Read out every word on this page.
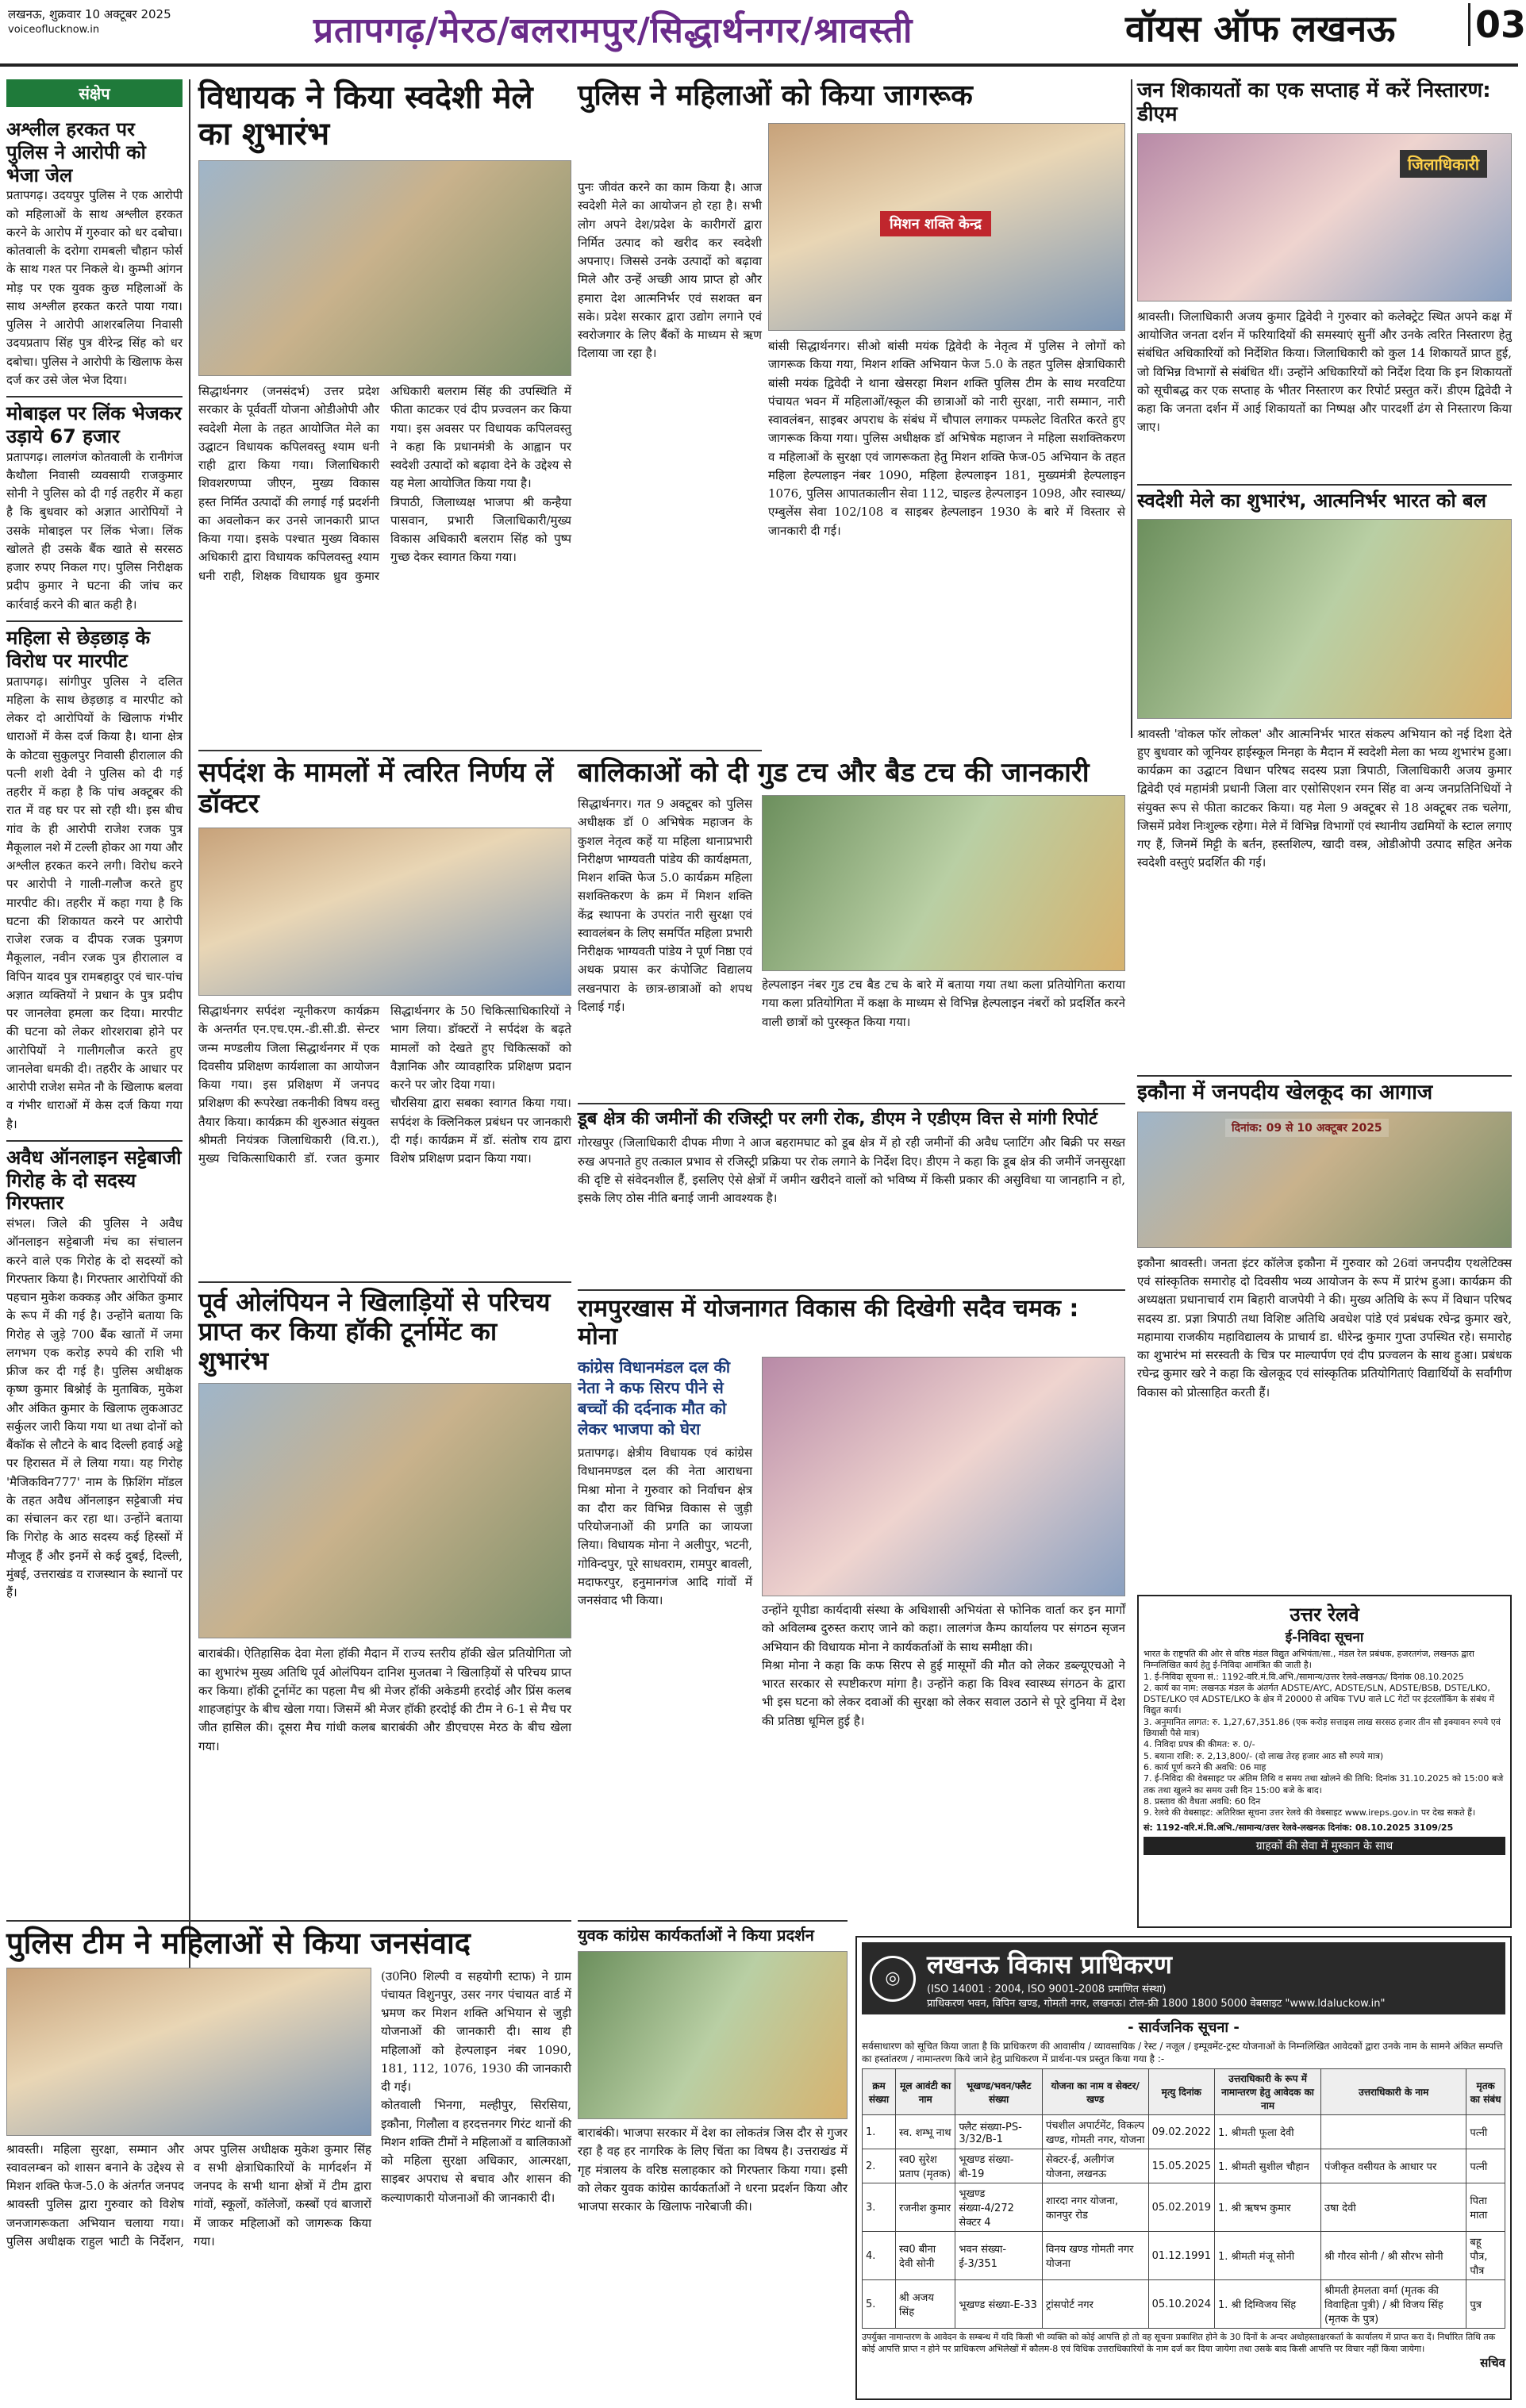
लखनऊ, शुक्रवार 10 अक्टूबर 2025
voiceoflucknow.in	प्रतापगढ़/मेरठ/बलरामपुर/सिद्धार्थनगर/श्रावस्ती	वॉयस ऑफ लखनऊ 03
संक्षेप
अश्लील हरकत पर पुलिस ने आरोपी को भेजा जेल
प्रतापगढ़। उदयपुर पुलिस ने एक आरोपी को महिलाओं के साथ अश्लील हरकत करने के आरोप में गुरुवार को धर दबोचा। कोतवाली के दरोगा रामबली चौहान फोर्स के साथ गश्त पर निकले थे। कुम्भी आंगन मोड़ पर एक युवक कुछ महिलाओं के साथ अश्लील हरकत करते पाया गया। पुलिस ने आरोपी आशरबलिया निवासी उदयप्रताप सिंह पुत्र वीरेन्द्र सिंह को धर दबोचा। पुलिस ने आरोपी के खिलाफ केस दर्ज कर उसे जेल भेज दिया।
मोबाइल पर लिंक भेजकर उड़ाये 67 हजार
प्रतापगढ़। लालगंज कोतवाली के रानीगंज कैथौला निवासी व्यवसायी राजकुमार सोनी ने पुलिस को दी गई तहरीर में कहा है कि बुधवार को अज्ञात आरोपियों ने उसके मोबाइल पर लिंक भेजा। लिंक खोलते ही उसके बैंक खाते से सरसठ हजार रुपए निकल गए। पुलिस निरीक्षक प्रदीप कुमार ने घटना की जांच कर कार्रवाई करने की बात कही है।
महिला से छेड़छाड़ के विरोध पर मारपीट
प्रतापगढ़। सांगीपुर पुलिस ने दलित महिला के साथ छेड़छाड़ व मारपीट को लेकर दो आरोपियों के खिलाफ गंभीर धाराओं में केस दर्ज किया है। थाना क्षेत्र के कोटवा सुकुलपुर निवासी हीरालाल की पत्नी शशी देवी ने पुलिस को दी गई तहरीर में कहा है कि पांच अक्टूबर की रात में वह घर पर सो रही थी। इस बीच गांव के ही आरोपी राजेश रजक पुत्र मैकूलाल नशे में टल्ली होकर आ गया और अश्लील हरकत करने लगी। विरोध करने पर आरोपी ने गाली-गलौज करते हुए मारपीट की। तहरीर में कहा गया है कि घटना की शिकायत करने पर आरोपी राजेश रजक व दीपक रजक पुत्रगण मैकूलाल, नवीन रजक पुत्र हीरालाल व विपिन यादव पुत्र रामबहादुर एवं चार-पांच अज्ञात व्यक्तियों ने प्रधान के पुत्र प्रदीप पर जानलेवा हमला कर दिया। मारपीट की घटना को लेकर शोरशराबा होने पर आरोपियों ने गालीगलौज करते हुए जानलेवा धमकी दी। तहरीर के आधार पर आरोपी राजेश समेत नौ के खिलाफ बलवा व गंभीर धाराओं में केस दर्ज किया गया है।
अवैध ऑनलाइन सट्टेबाजी गिरोह के दो सदस्य गिरफ्तार
संभल। जिले की पुलिस ने अवैध ऑनलाइन सट्टेबाजी मंच का संचालन करने वाले एक गिरोह के दो सदस्यों को गिरफ्तार किया है। गिरफ्तार आरोपियों की पहचान मुकेश कक्कड़ और अंकित कुमार के रूप में की गई है। उन्होंने बताया कि गिरोह से जुड़े 700 बैंक खातों में जमा लगभग एक करोड़ रुपये की राशि भी फ्रीज कर दी गई है। पुलिस अधीक्षक कृष्ण कुमार बिश्नोई के मुताबिक, मुकेश और अंकित कुमार के खिलाफ लुकआउट सर्कुलर जारी किया गया था तथा दोनों को बैंकॉक से लौटने के बाद दिल्ली हवाई अड्डे पर हिरासत में ले लिया गया। यह गिरोह 'मैजिकविन777' नाम के फ़िशिंग मॉडल के तहत अवैध ऑनलाइन सट्टेबाजी मंच का संचालन कर रहा था। उन्होंने बताया कि गिरोह के आठ सदस्य कई हिस्सों में मौजूद हैं और इनमें से कई दुबई, दिल्ली, मुंबई, उत्तराखंड व राजस्थान के स्थानों पर हैं।
विधायक ने किया स्वदेशी मेले का शुभारंभ
सिद्धार्थनगर (जनसंदर्भ) उत्तर प्रदेश सरकार के पूर्ववर्ती योजना ओडीओपी और स्वदेशी मेला के तहत आयोजित मेले का उद्घाटन विधायक कपिलवस्तु श्याम धनी राही द्वारा किया गया। जिलाधिकारी शिवशरणप्पा जीएन, मुख्य विकास अधिकारी बलराम सिंह की उपस्थिति में फीता काटकर एवं दीप प्रज्वलन कर किया गया। इस अवसर पर विधायक कपिलवस्तु ने कहा कि प्रधानमंत्री के आह्वान पर स्वदेशी उत्पादों को बढ़ावा देने के उद्देश्य से यह मेला आयोजित किया गया है।
हस्त निर्मित उत्पादों की लगाई गई प्रदर्शनी का अवलोकन कर उनसे जानकारी प्राप्त किया गया। इसके पश्चात मुख्य विकास अधिकारी द्वारा विधायक कपिलवस्तु श्याम धनी राही, शिक्षक विधायक ध्रुव कुमार त्रिपाठी, जिलाध्यक्ष भाजपा श्री कन्हैया पासवान, प्रभारी जिलाधिकारी/मुख्य विकास अधिकारी बलराम सिंह को पुष्प गुच्छ देकर स्वागत किया गया।
पुनः जीवंत करने का काम किया है। आज स्वदेशी मेले का आयोजन हो रहा है। सभी लोग अपने देश/प्रदेश के कारीगरों द्वारा निर्मित उत्पाद को खरीद कर स्वदेशी अपनाए। जिससे उनके उत्पादों को बढ़ावा मिले और उन्हें अच्छी आय प्राप्त हो और हमारा देश आत्मनिर्भर एवं सशक्त बन सके। प्रदेश सरकार द्वारा उद्योग लगाने एवं स्वरोजगार के लिए बैंकों के माध्यम से ऋण दिलाया जा रहा है।
पुलिस ने महिलाओं को किया जागरूक
मिशन शक्ति केन्द्र
बांसी सिद्धार्थनगर। सीओ बांसी मयंक द्विवेदी के नेतृत्व में पुलिस ने लोगों को जागरूक किया गया, मिशन शक्ति अभियान फेज 5.0 के तहत पुलिस क्षेत्राधिकारी बांसी मयंक द्विवेदी ने थाना खेसरहा मिशन शक्ति पुलिस टीम के साथ मरवटिया पंचायत भवन में महिलाओं/स्कूल की छात्राओं को नारी सुरक्षा, नारी सम्मान, नारी स्वावलंबन, साइबर अपराध के संबंध में चौपाल लगाकर पम्फलेट वितरित करते हुए जागरूक किया गया। पुलिस अधीक्षक डॉ अभिषेक महाजन ने महिला सशक्तिकरण व महिलाओं के सुरक्षा एवं जागरूकता हेतु मिशन शक्ति फेज-05 अभियान के तहत महिला हेल्पलाइन नंबर 1090, महिला हेल्पलाइन 181, मुख्यमंत्री हेल्पलाइन 1076, पुलिस आपातकालीन सेवा 112, चाइल्ड हेल्पलाइन 1098, और स्वास्थ्य/एम्बुलेंस सेवा 102/108 व साइबर हेल्पलाइन 1930 के बारे में विस्तार से जानकारी दी गई।
जन शिकायतों का एक सप्ताह में करें निस्तारण: डीएम
जिलाधिकारी
श्रावस्ती। जिलाधिकारी अजय कुमार द्विवेदी ने गुरुवार को कलेक्ट्रेट स्थित अपने कक्ष में आयोजित जनता दर्शन में फरियादियों की समस्याएं सुनीं और उनके त्वरित निस्तारण हेतु संबंधित अधिकारियों को निर्देशित किया। जिलाधिकारी को कुल 14 शिकायतें प्राप्त हुई, जो विभिन्न विभागों से संबंधित थीं। उन्होंने अधिकारियों को निर्देश दिया कि इन शिकायतों को सूचीबद्ध कर एक सप्ताह के भीतर निस्तारण कर रिपोर्ट प्रस्तुत करें। डीएम द्विवेदी ने कहा कि जनता दर्शन में आई शिकायतों का निष्पक्ष और पारदर्शी ढंग से निस्तारण किया जाए।
स्वदेशी मेले का शुभारंभ, आत्मनिर्भर भारत को बल
श्रावस्ती 'वोकल फॉर लोकल' और आत्मनिर्भर भारत संकल्प अभियान को नई दिशा देते हुए बुधवार को जूनियर हाईस्कूल मिनहा के मैदान में स्वदेशी मेला का भव्य शुभारंभ हुआ। कार्यक्रम का उद्घाटन विधान परिषद सदस्य प्रज्ञा त्रिपाठी, जिलाधिकारी अजय कुमार द्विवेदी एवं महामंत्री प्रधानी जिला वार एसोसिएशन रमन सिंह वा अन्य जनप्रतिनिधियों ने संयुक्त रूप से फीता काटकर किया। यह मेला 9 अक्टूबर से 18 अक्टूबर तक चलेगा, जिसमें प्रवेश निःशुल्क रहेगा। मेले में विभिन्न विभागों एवं स्थानीय उद्यमियों के स्टाल लगाए गए हैं, जिनमें मिट्टी के बर्तन, हस्तशिल्प, खादी वस्त्र, ओडीओपी उत्पाद सहित अनेक स्वदेशी वस्तुएं प्रदर्शित की गई।
इकौना में जनपदीय खेलकूद का आगाज
दिनांक: 09 से 10 अक्टूबर 2025
इकौना श्रावस्ती। जनता इंटर कॉलेज इकौना में गुरुवार को 26वां जनपदीय एथलेटिक्स एवं सांस्कृतिक समारोह दो दिवसीय भव्य आयोजन के रूप में प्रारंभ हुआ। कार्यक्रम की अध्यक्षता प्रधानाचार्य राम बिहारी वाजपेयी ने की। मुख्य अतिथि के रूप में विधान परिषद सदस्य डा. प्रज्ञा त्रिपाठी तथा विशिष्ट अतिथि अवधेश पांडे एवं प्रबंधक रघेन्द्र कुमार खरे, महामाया राजकीय महाविद्यालय के प्राचार्य डा. धीरेन्द्र कुमार गुप्ता उपस्थित रहे। समारोह का शुभारंभ मां सरस्वती के चित्र पर माल्यार्पण एवं दीप प्रज्वलन के साथ हुआ। प्रबंधक रघेन्द्र कुमार खरे ने कहा कि खेलकूद एवं सांस्कृतिक प्रतियोगिताएं विद्यार्थियों के सर्वांगीण विकास को प्रोत्साहित करती हैं।
सर्पदंश के मामलों में त्वरित निर्णय लें डॉक्टर
सिद्धार्थनगर सर्पदंश न्यूनीकरण कार्यक्रम के अन्तर्गत एन.एच.एम.-डी.सी.डी. सेन्टर जन्म मण्डलीय जिला सिद्धार्थनगर में एक दिवसीय प्रशिक्षण कार्यशाला का आयोजन किया गया। इस प्रशिक्षण में जनपद सिद्धार्थनगर के 50 चिकित्साधिकारियों ने भाग लिया। डॉक्टरों ने सर्पदंश के बढ़ते मामलों को देखते हुए चिकित्सकों को वैज्ञानिक और व्यावहारिक प्रशिक्षण प्रदान करने पर जोर दिया गया।
प्रशिक्षण की रूपरेखा तकनीकी विषय वस्तु तैयार किया। कार्यक्रम की शुरुआत संयुक्त श्रीमती नियंत्रक जिलाधिकारी (वि.रा.), मुख्य चिकित्साधिकारी डॉ. रजत कुमार चौरसिया द्वारा सबका स्वागत किया गया। सर्पदंश के क्लिनिकल प्रबंधन पर जानकारी दी गई। कार्यक्रम में डॉ. संतोष राय द्वारा विशेष प्रशिक्षण प्रदान किया गया।
बालिकाओं को दी गुड टच और बैड टच की जानकारी
सिद्धार्थनगर। गत 9 अक्टूबर को पुलिस अधीक्षक डॉ 0 अभिषेक महाजन के कुशल नेतृत्व कहें या महिला थानाप्रभारी निरीक्षण भाग्यवती पांडेय की कार्यक्षमता, मिशन शक्ति फेज 5.0 कार्यक्रम महिला सशक्तिकरण के क्रम में मिशन शक्ति केंद्र स्थापना के उपरांत नारी सुरक्षा एवं स्वावलंबन के लिए समर्पित महिला प्रभारी निरीक्षक भाग्यवती पांडेय ने पूर्ण निष्ठा एवं अथक प्रयास कर कंपोजिट विद्यालय लखनपारा के छात्र-छात्राओं को शपथ दिलाई गई।
हेल्पलाइन नंबर गुड टच बैड टच के बारे में बताया गया तथा कला प्रतियोगिता कराया गया कला प्रतियोगिता में कक्षा के माध्यम से विभिन्न हेल्पलाइन नंबरों को प्रदर्शित करने वाली छात्रों को पुरस्कृत किया गया।
डूब क्षेत्र की जमीनों की रजिस्ट्री पर लगी रोक, डीएम ने एडीएम वित्त से मांगी रिपोर्ट
गोरखपुर (जिलाधिकारी दीपक मीणा ने आज बहरामघाट को डूब क्षेत्र में हो रही जमीनों की अवैध प्लाटिंग और बिक्री पर सख्त रुख अपनाते हुए तत्काल प्रभाव से रजिस्ट्री प्रक्रिया पर रोक लगाने के निर्देश दिए। डीएम ने कहा कि डूब क्षेत्र की जमीनें जनसुरक्षा की दृष्टि से संवेदनशील हैं, इसलिए ऐसे क्षेत्रों में जमीन खरीदने वालों को भविष्य में किसी प्रकार की असुविधा या जानहानि न हो, इसके लिए ठोस नीति बनाई जानी आवश्यक है।
पूर्व ओलंपियन ने खिलाड़ियों से परिचय प्राप्त कर किया हॉकी टूर्नामेंट का शुभारंभ
बाराबंकी। ऐतिहासिक देवा मेला हॉकी मैदान में राज्य स्तरीय हॉकी खेल प्रतियोगिता जो का शुभारंभ मुख्य अतिथि पूर्व ओलंपियन दानिश मुजतबा ने खिलाड़ियों से परिचय प्राप्त कर किया। हॉकी टूर्नामेंट का पहला मैच श्री मेजर हॉकी अकेडमी हरदोई और प्रिंस कलब शाहजहांपुर के बीच खेला गया। जिसमें श्री मेजर हॉकी हरदोई की टीम ने 6-1 से मैच पर जीत हासिल की। दूसरा मैच गांधी कलब बाराबंकी और डीएचएस मेरठ के बीच खेला गया।
रामपुरखास में योजनागत विकास की दिखेगी सदैव चमक : मोना
कांग्रेस विधानमंडल दल की नेता ने कफ सिरप पीने से बच्चों की दर्दनाक मौत को लेकर भाजपा को घेरा
प्रतापगढ़। क्षेत्रीय विधायक एवं कांग्रेस विधानमण्डल दल की नेता आराधना मिश्रा मोना ने गुरुवार को निर्वाचन क्षेत्र का दौरा कर विभिन्न विकास से जुड़ी परियोजनाओं की प्रगति का जायजा लिया। विधायक मोना ने अलीपुर, भटनी, गोविन्दपुर, पूरे साधवराम, रामपुर बावली, मदाफरपुर, हनुमानगंज आदि गांवों में जनसंवाद भी किया।
उन्होंने यूपीडा कार्यदायी संस्था के अधिशासी अभियंता से फोनिक वार्ता कर इन मार्गों को अविलम्ब दुरुस्त कराए जाने को कहा। लालगंज कैम्प कार्यालय पर संगठन सृजन अभियान की विधायक मोना ने कार्यकर्ताओं के साथ समीक्षा की।
मिश्रा मोना ने कहा कि कफ सिरप से हुई मासूमों की मौत को लेकर डब्ल्यूएचओ ने भारत सरकार से स्पष्टीकरण मांगा है। उन्होंने कहा कि विश्व स्वास्थ्य संगठन के द्वारा भी इस घटना को लेकर दवाओं की सुरक्षा को लेकर सवाल उठाने से पूरे दुनिया में देश की प्रतिष्ठा धूमिल हुई है।
उत्तर रेलवे
ई-निविदा सूचना
भारत के राष्ट्रपति की ओर से वरिष्ठ मंडल विद्युत अभियंता/सा., मंडल रेल प्रबंधक, हजरतगंज, लखनऊ द्वारा निम्नलिखित कार्य हेतु ई-निविदा आमंत्रित की जाती है।
1. ई-निविदा सूचना सं.: 1192-वरि.मं.वि.अभि./सामान्य/उत्तर रेलवे-लखनऊ/ दिनांक 08.10.2025
2. कार्य का नाम: लखनऊ मंडल के अंतर्गत ADSTE/AYC, ADSTE/SLN, ADSTE/BSB, DSTE/LKO, DSTE/LKO एवं ADSTE/LKO के क्षेत्र में 20000 से अधिक TVU वाले LC गेटों पर इंटरलॉकिंग के संबंध में विद्युत कार्य।
3. अनुमानित लागत: रु. 1,27,67,351.86 (एक करोड़ सत्ताइस लाख सरसठ हजार तीन सौ इक्यावन रुपये एवं छियासी पैसे मात्र)
4. निविदा प्रपत्र की कीमत: रु. 0/-
5. बयाना राशि: रु. 2,13,800/- (दो लाख तेरह हजार आठ सौ रुपये मात्र)
6. कार्य पूर्ण करने की अवधि: 06 माह
7. ई-निविदा की वेबसाइट पर अंतिम तिथि व समय तथा खोलने की तिथि: दिनांक 31.10.2025 को 15:00 बजे तक तथा खुलने का समय उसी दिन 15:00 बजे के बाद।
8. प्रस्ताव की वैधता अवधि: 60 दिन
9. रेलवे की वेबसाइट: अतिरिक्त सूचना उत्तर रेलवे की वेबसाइट www.ireps.gov.in पर देख सकते हैं।
सं: 1192-वरि.मं.वि.अभि./सामान्य/उत्तर रेलवे-लखनऊ दिनांक: 08.10.2025 3109/25
ग्राहकों की सेवा में मुस्कान के साथ
पुलिस टीम ने महिलाओं से किया जनसंवाद
श्रावस्ती। महिला सुरक्षा, सम्मान और स्वावलम्बन को शासन बनाने के उद्देश्य से मिशन शक्ति फेज-5.0 के अंतर्गत जनपद श्रावस्ती पुलिस द्वारा गुरुवार को विशेष जनजागरूकता अभियान चलाया गया। पुलिस अधीक्षक राहुल भाटी के निर्देशन, अपर पुलिस अधीक्षक मुकेश कुमार सिंह व सभी क्षेत्राधिकारियों के मार्गदर्शन में जनपद के सभी थाना क्षेत्रों में टीम द्वारा गांवों, स्कूलों, कॉलेजों, कस्बों एवं बाजारों में जाकर महिलाओं को जागरूक किया गया।
(उ0नि0 शिल्पी व सहयोगी स्टाफ) ने ग्राम पंचायत विशुनपुर, उसर नगर पंचायत वार्ड में भ्रमण कर मिशन शक्ति अभियान से जुड़ी योजनाओं की जानकारी दी। साथ ही महिलाओं को हेल्पलाइन नंबर 1090, 181, 112, 1076, 1930 की जानकारी दी गई।
कोतवाली भिनगा, मल्हीपुर, सिरसिया, इकौना, गिलौला व हरदत्तनगर गिरंट थानों की मिशन शक्ति टीमों ने महिलाओं व बालिकाओं को महिला सुरक्षा अधिकार, आत्मरक्षा, साइबर अपराध से बचाव और शासन की कल्याणकारी योजनाओं की जानकारी दी।
युवक कांग्रेस कार्यकर्ताओं ने किया प्रदर्शन
बाराबंकी। भाजपा सरकार में देश का लोकतंत्र जिस दौर से गुजर रहा है वह हर नागरिक के लिए चिंता का विषय है। उत्तराखंड में गृह मंत्रालय के वरिष्ठ सलाहकार को गिरफ्तार किया गया। इसी को लेकर युवक कांग्रेस कार्यकर्ताओं ने धरना प्रदर्शन किया और भाजपा सरकार के खिलाफ नारेबाजी की।
◎	लखनऊ विकास प्राधिकरण
(ISO 14001 : 2004, ISO 9001-2008 प्रमाणित संस्था)
प्राधिकरण भवन, विपिन खण्ड, गोमती नगर, लखनऊ। टोल-फ्री 1800 1800 5000 वेबसाइट "www.ldaluckow.in"
- सार्वजनिक सूचना -
सर्वसाधारण को सूचित किया जाता है कि प्राधिकरण की आवासीय / व्यावसायिक / रेस्ट / नजूल / इम्पूवमेंट-ट्रस्ट योजनाओं के निम्नलिखित आवेदकों द्वारा उनके नाम के सामने अंकित सम्पत्ति का हस्तांतरण / नामान्तरण किये जाने हेतु प्राधिकरण में प्रार्थना-पत्र प्रस्तुत किया गया है :-
क्रम संख्या	मूल आवंटी का नाम	भूखण्ड/भवन/फ्लैट संख्या	योजना का नाम व सेक्टर/खण्ड	मृत्यु दिनांक	उत्तराधिकारी के रूप में नामान्तरण हेतु आवेदक का नाम	उत्तराधिकारी के नाम	मृतक का संबंध
1.	स्व. शम्भू नाथ	फ्लैट संख्या-PS-3/32/B-1	पंचशील अपार्टमेंट, विकल्प खण्ड, गोमती नगर, योजना	09.02.2022	1. श्रीमती फूला देवी		पत्नी
2.	स्व0 सुरेश प्रताप (मृतक)	भूखण्ड संख्या-बी-19	सेक्टर-ई, अलीगंज योजना, लखनऊ	15.05.2025	1. श्रीमती सुशील चौहान	पंजीकृत वसीयत के आधार पर	पत्नी
3.	रजनीश कुमार	भूखण्ड संख्या-4/272 सेक्टर 4	शारदा नगर योजना, कानपुर रोड	05.02.2019	1. श्री ऋषभ कुमार	उषा देवी	पिता माता
4.	स्व0 बीना देवी सोनी	भवन संख्या-ई-3/351	विनय खण्ड गोमती नगर योजना	01.12.1991	1. श्रीमती मंजू सोनी	श्री गौरव सोनी / श्री सौरभ सोनी	बहू पौत्र, पौत्र
5.	श्री अजय सिंह	भूखण्ड संख्या-E-33	ट्रांसपोर्ट नगर	05.10.2024	1. श्री दिग्विजय सिंह	श्रीमती हेमलता वर्मा (मृतक की विवाहिता पुत्री) / श्री विजय सिंह (मृतक के पुत्र)	पुत्र
उपर्युक्त नामान्तरण के आवेदन के सम्बन्ध में यदि किसी भी व्यक्ति को कोई आपत्ति हो तो वह सूचना प्रकाशित होने के 30 दिनों के अन्दर अधोहस्ताक्षरकर्ता के कार्यालय में प्राप्त करा दें। निर्धारित तिथि तक कोई आपत्ति प्राप्त न होने पर प्राधिकरण अभिलेखों में कौलम-8 एवं विधिक उत्तराधिकारियों के नाम दर्ज कर दिया जायेगा तथा उसके बाद किसी आपत्ति पर विचार नहीं किया जायेगा।
सचिव
